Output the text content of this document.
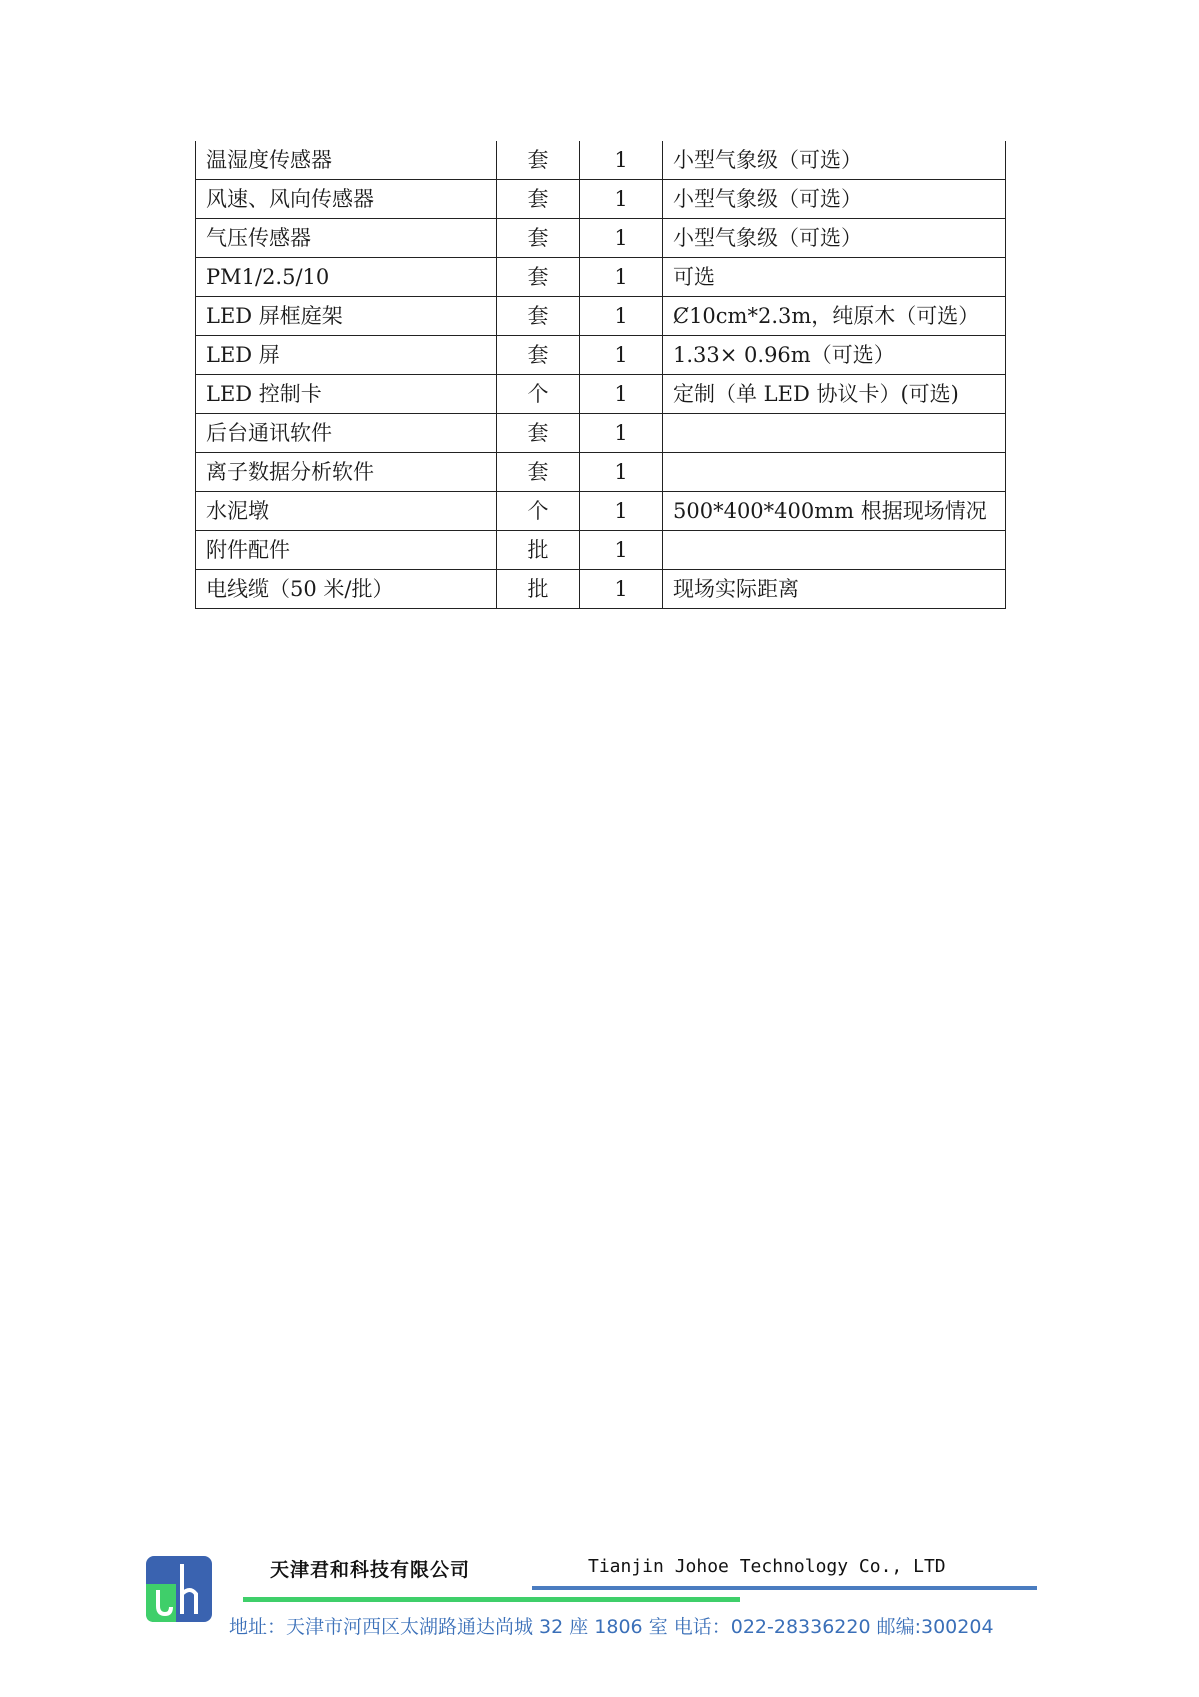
温湿度传感器	套	1	小型气象级（可选）
风速、风向传感器	套	1	小型气象级（可选）
气压传感器	套	1	小型气象级（可选）
PM1/2.5/10	套	1	可选
LED 屏框庭架	套	1	Ȼ10cm*2.3m，纯原木（可选）
LED 屏	套	1	1.33× 0.96m（可选）
LED 控制卡	个	1	定制（单 LED 协议卡）(可选)
后台通讯软件	套	1	
离子数据分析软件	套	1	
水泥墩	个	1	500*400*400mm 根据现场情况
附件配件	批	1	
电线缆（50 米/批）	批	1	现场实际距离
天津君和科技有限公司	Tianjin Johoe Technology Co., LTD
地址：天津市河西区太湖路通达尚城 32 座 1806 室 电话：022-28336220 邮编:300204
